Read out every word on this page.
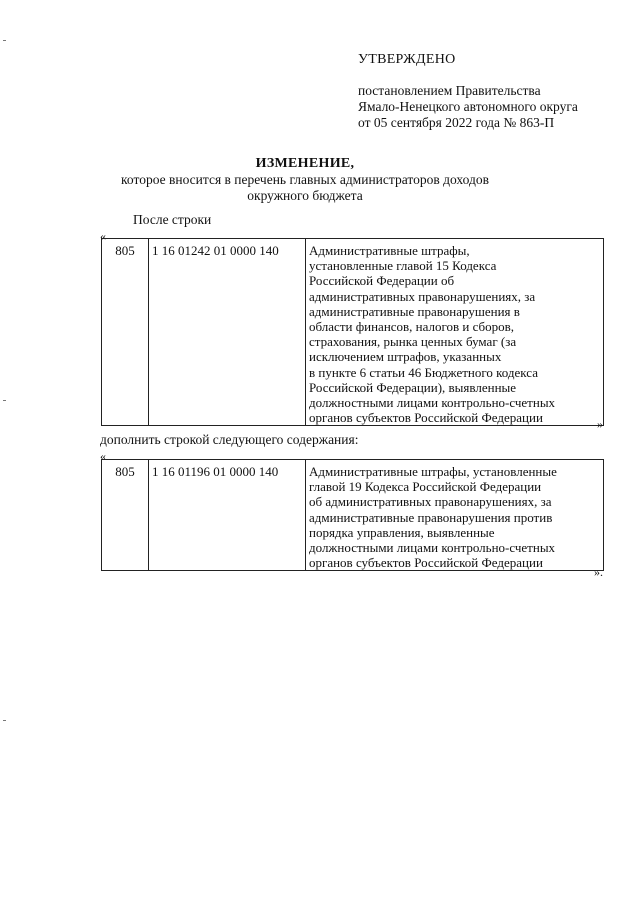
УТВЕРЖДЕНО
постановлением Правительства
Ямало-Ненецкого автономного округа
от 05 сентября 2022 года № 863-П
ИЗМЕНЕНИЕ,
которое вносится в перечень главных администраторов доходов
окружного бюджета
После строки
«
805	1 16 01242 01 0000 140	Административные штрафы,
установленные главой 15 Кодекса
Российской Федерации об
административных правонарушениях, за
административные правонарушения в
области финансов, налогов и сборов,
страхования, рынка ценных бумаг (за
исключением штрафов, указанных
в пункте 6 статьи 46 Бюджетного кодекса
Российской Федерации), выявленные
должностными лицами контрольно-счетных
органов субъектов Российской Федерации	»
дополнить строкой следующего содержания:
«
805	1 16 01196 01 0000 140	Административные штрафы, установленные
главой 19 Кодекса Российской Федерации
об административных правонарушениях, за
административные правонарушения против
порядка управления, выявленные
должностными лицами контрольно-счетных
органов субъектов Российской Федерации
».
